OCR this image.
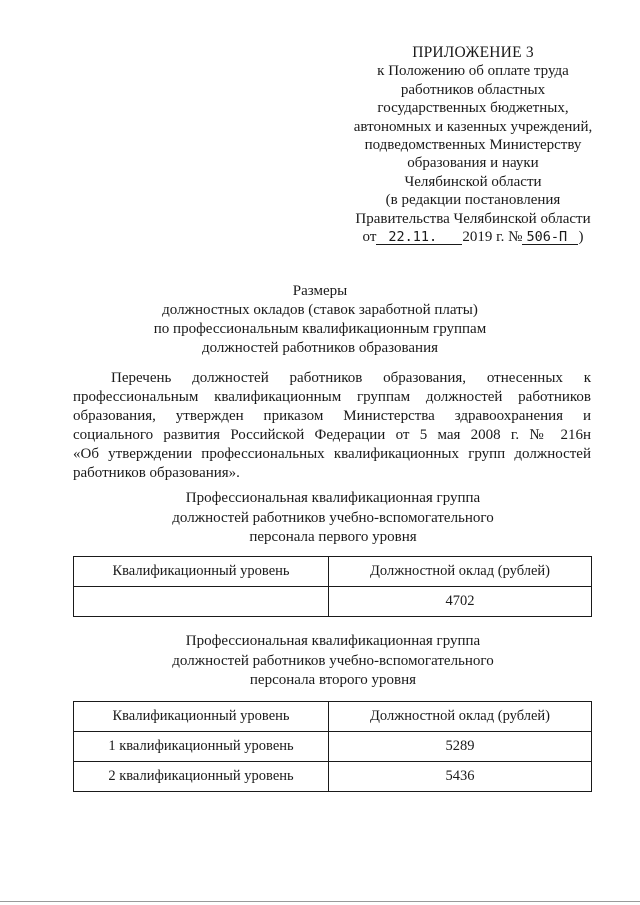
ПРИЛОЖЕНИЕ 3
к Положению об оплате труда
работников областных
государственных бюджетных,
автономных и казенных учреждений,
подведомственных Министерству
образования и науки
Челябинской области
(в редакции постановления
Правительства Челябинской области
от 22.11. 2019 г. № 506-П )
Размеры
должностных окладов (ставок заработной платы)
по профессиональным квалификационным группам
должностей работников образования
Перечень должностей работников образования, отнесенных к
профессиональным квалификационным группам должностей работников
образования, утвержден приказом Министерства здравоохранения и
социального развития Российской Федерации от 5 мая 2008 г. № 216н
«Об утверждении профессиональных квалификационных групп должностей
работников образования».
Профессиональная квалификационная группа
должностей работников учебно-вспомогательного
персонала первого уровня
Квалификационный уровень	Должностной оклад (рублей)
	4702
Профессиональная квалификационная группа
должностей работников учебно-вспомогательного
персонала второго уровня
Квалификационный уровень	Должностной оклад (рублей)
1 квалификационный уровень	5289
2 квалификационный уровень	5436
